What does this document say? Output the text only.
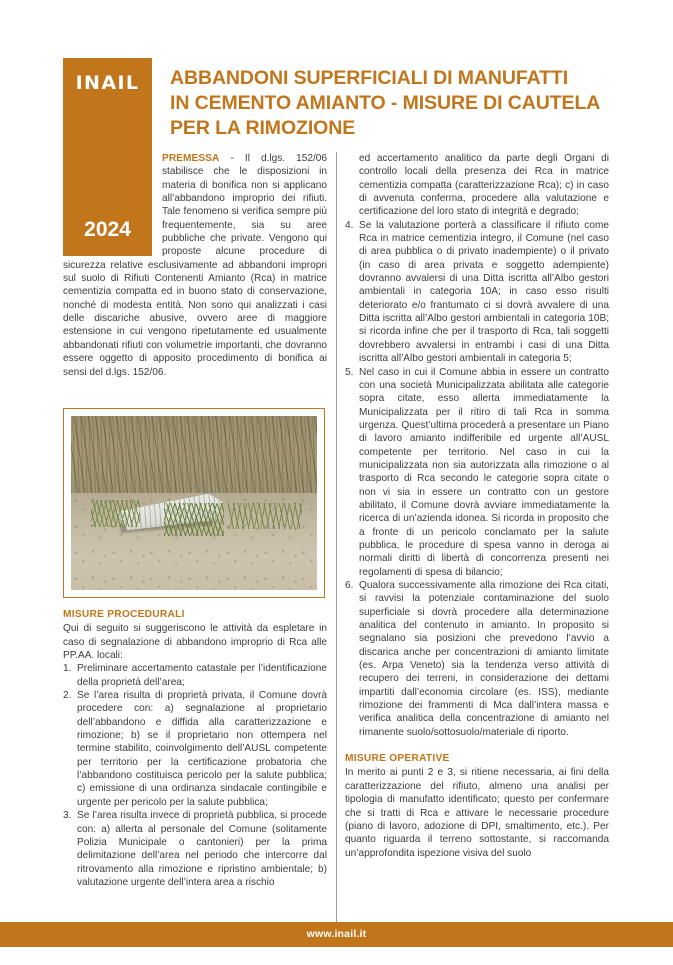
INAIL
2024
ABBANDONI SUPERFICIALI DI MANUFATTI
IN CEMENTO AMIANTO - MISURE DI CAUTELA
PER LA RIMOZIONE
PREMESSA - Il d.lgs. 152/06 stabilisce che le disposizioni in materia di bonifica non si applicano all’abbandono improprio dei rifiuti. Tale fenomeno si verifica sempre più frequentemente, sia su aree pubbliche che private. Vengono qui proposte alcune procedure di sicurezza relative esclusivamente ad abbandoni impropri sul suolo di Rifiuti Contenenti Amianto (Rca) in matrice cementizia compatta ed in buono stato di conservazione, nonché di modesta entità. Non sono qui analizzati i casi delle discariche abusive, ovvero aree di maggiore estensione in cui vengono ripetutamente ed usualmente abbandonati rifiuti con volumetrie importanti, che dovranno essere oggetto di apposito procedimento di bonifica ai sensi del d.lgs. 152/06.
MISURE PROCEDURALI

Qui di seguito si suggeriscono le attività da espletare in caso di segnalazione di abbandono improprio di Rca alle PP.AA. locali:

1. Preliminare accertamento catastale per l’identificazione della proprietà dell’area;
2. Se l’area risulta di proprietà privata, il Comune dovrà procedere con: a) segnalazione al proprietario dell’abbandono e diffida alla caratterizzazione e rimozione; b) se il proprietario non ottempera nel termine stabilito, coinvolgimento dell’AUSL competente per territorio per la certificazione probatoria che l’abbandono costituisca pericolo per la salute pubblica; c) emissione di una ordinanza sindacale contingibile e urgente per pericolo per la salute pubblica;
3. Se l’area risulta invece di proprietà pubblica, si procede con: a) allerta al personale del Comune (solitamente Polizia Municipale o cantonieri) per la prima delimitazione dell’area nel periodo che intercorre dal ritrovamento alla rimozione e ripristino ambientale; b) valutazione urgente dell’intera area a rischio

ed accertamento analitico da parte degli Organi di controllo locali della presenza dei Rca in matrice cementizia compatta (caratterizzazione Rca); c) in caso di avvenuta conferma, procedere alla valutazione e certificazione del loro stato di integrità e degrado;

4. Se la valutazione porterà a classificare il rifiuto come Rca in matrice cementizia integro, il Comune (nel caso di area pubblica o di privato inadempiente) o il privato (in caso di area privata e soggetto adempiente) dovranno avvalersi di una Ditta iscritta all’Albo gestori ambientali in categoria 10A; in caso esso risulti deteriorato e/o frantumato ci si dovrà avvalere di una Ditta iscritta all’Albo gestori ambientali in categoria 10B; si ricorda infine che per il trasporto di Rca, tali soggetti dovrebbero avvalersi in entrambi i casi di una Ditta iscritta all’Albo gestori ambientali in categoria 5;
5. Nel caso in cui il Comune abbia in essere un contratto con una società Municipalizzata abilitata alle categorie sopra citate, esso allerta immediatamente la Municipalizzata per il ritiro di tali Rca in somma urgenza. Quest’ultima procederà a presentare un Piano di lavoro amianto indifferibile ed urgente all’AUSL competente per territorio. Nel caso in cui la municipalizzata non sia autorizzata alla rimozione o al trasporto di Rca secondo le categorie sopra citate o non vi sia in essere un contratto con un gestore abilitato, il Comune dovrà avviare immediatamente la ricerca di un’azienda idonea. Si ricorda in proposito che a fronte di un pericolo conclamato per la salute pubblica, le procedure di spesa vanno in deroga ai normali diritti di libertà di concorrenza presenti nei regolamenti di spesa di bilancio;
6. Qualora successivamente alla rimozione dei Rca citati, si ravvisi la potenziale contaminazione del suolo superficiale si dovrà procedere alla determinazione analitica del contenuto in amianto. In proposito si segnalano sia posizioni che prevedono l’avvio a discarica anche per concentrazioni di amianto limitate (es. Arpa Veneto) sia la tendenza verso attività di recupero dei terreni, in considerazione dei dettami impartiti dall’economia circolare (es. ISS), mediante rimozione dei frammenti di Mca dall’intera massa e verifica analitica della concentrazione di amianto nel rimanente suolo/sottosuolo/materiale di riporto.
MISURE OPERATIVE

In merito ai punti 2 e 3, si ritiene necessaria, ai fini della caratterizzazione del rifiuto, almeno una analisi per tipologia di manufatto identificato; questo per confermare che si tratti di Rca e attivare le necessarie procedure (piano di lavoro, adozione di DPI, smaltimento, etc.). Per quanto riguarda il terreno sottostante, si raccomanda un’approfondita ispezione visiva del suolo

www.inail.it
